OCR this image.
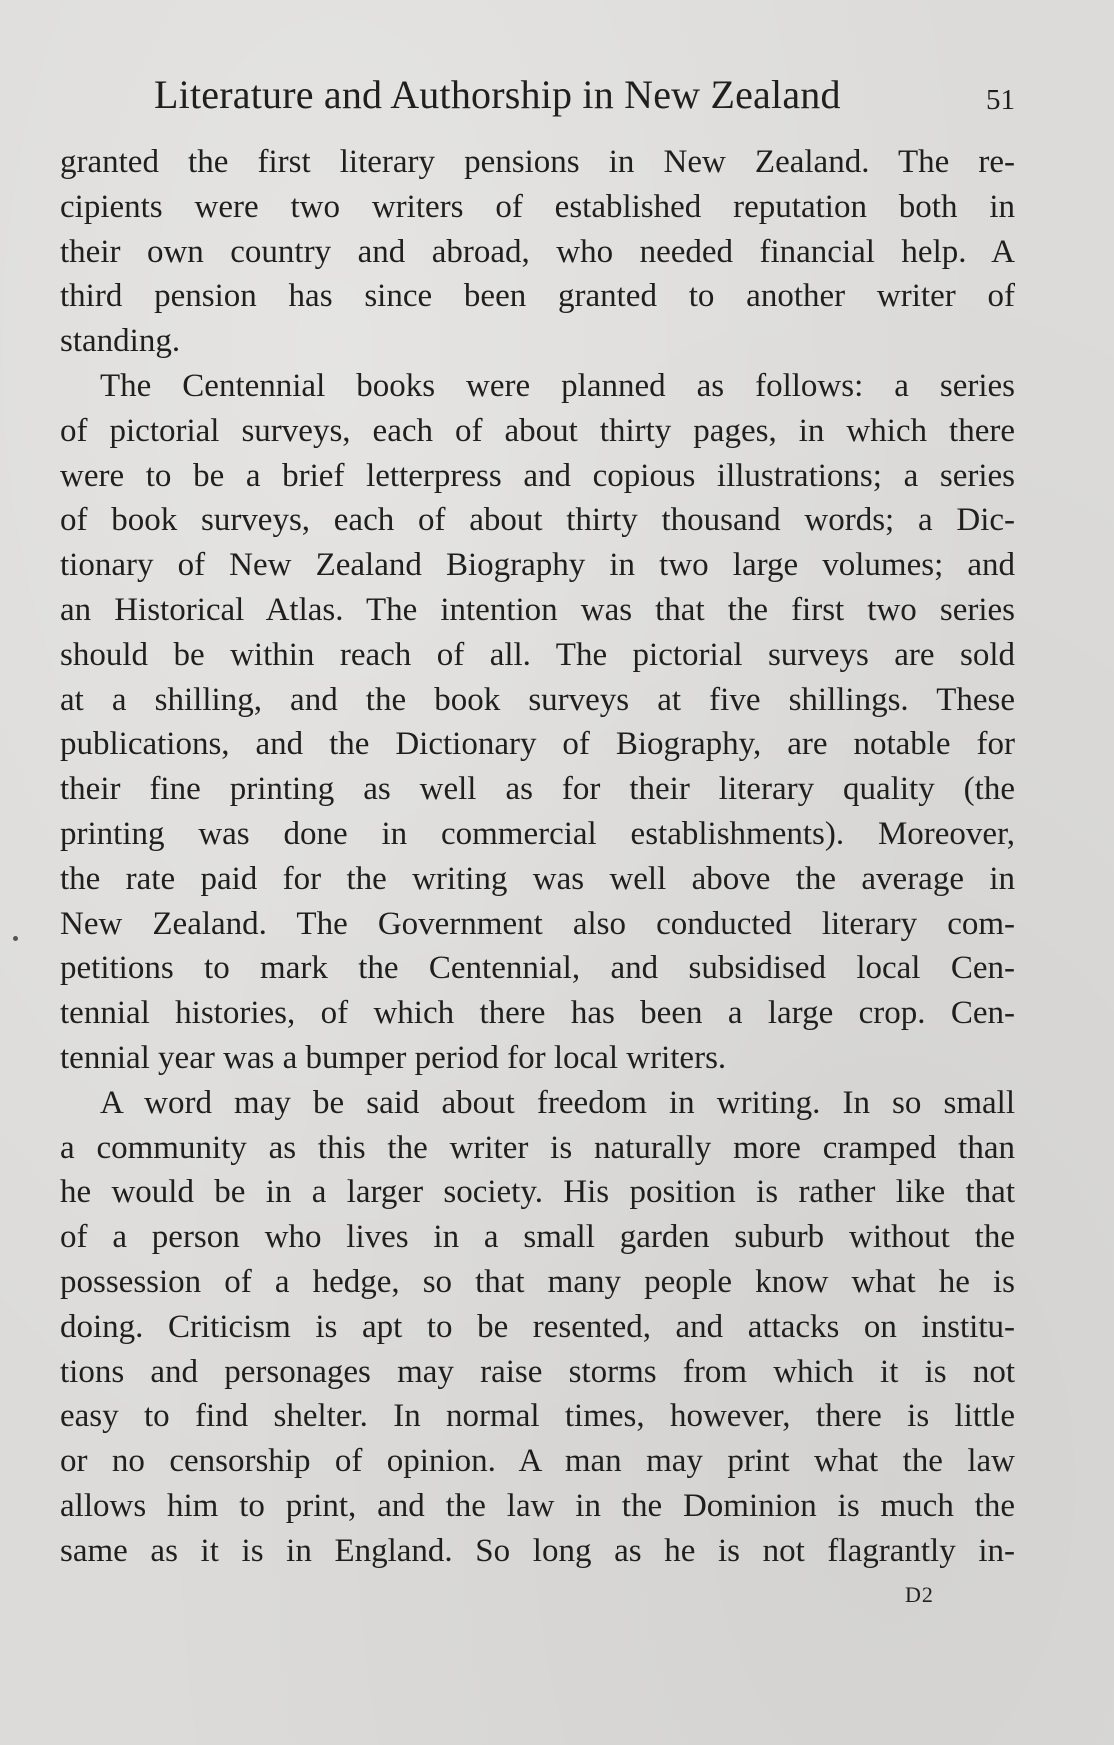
Literature and Authorship in New Zealand	51
granted the first literary pensions in New Zealand. The re-
cipients were two writers of established reputation both in
their own country and abroad, who needed financial help. A
third pension has since been granted to another writer of
standing.
The Centennial books were planned as follows: a series
of pictorial surveys, each of about thirty pages, in which there
were to be a brief letterpress and copious illustrations; a series
of book surveys, each of about thirty thousand words; a Dic-
tionary of New Zealand Biography in two large volumes; and
an Historical Atlas. The intention was that the first two series
should be within reach of all. The pictorial surveys are sold
at a shilling, and the book surveys at five shillings. These
publications, and the Dictionary of Biography, are notable for
their fine printing as well as for their literary quality (the
printing was done in commercial establishments). Moreover,
the rate paid for the writing was well above the average in
New Zealand. The Government also conducted literary com-
petitions to mark the Centennial, and subsidised local Cen-
tennial histories, of which there has been a large crop. Cen-
tennial year was a bumper period for local writers.
A word may be said about freedom in writing. In so small
a community as this the writer is naturally more cramped than
he would be in a larger society. His position is rather like that
of a person who lives in a small garden suburb without the
possession of a hedge, so that many people know what he is
doing. Criticism is apt to be resented, and attacks on institu-
tions and personages may raise storms from which it is not
easy to find shelter. In normal times, however, there is little
or no censorship of opinion. A man may print what the law
allows him to print, and the law in the Dominion is much the
same as it is in England. So long as he is not flagrantly in-
D2
